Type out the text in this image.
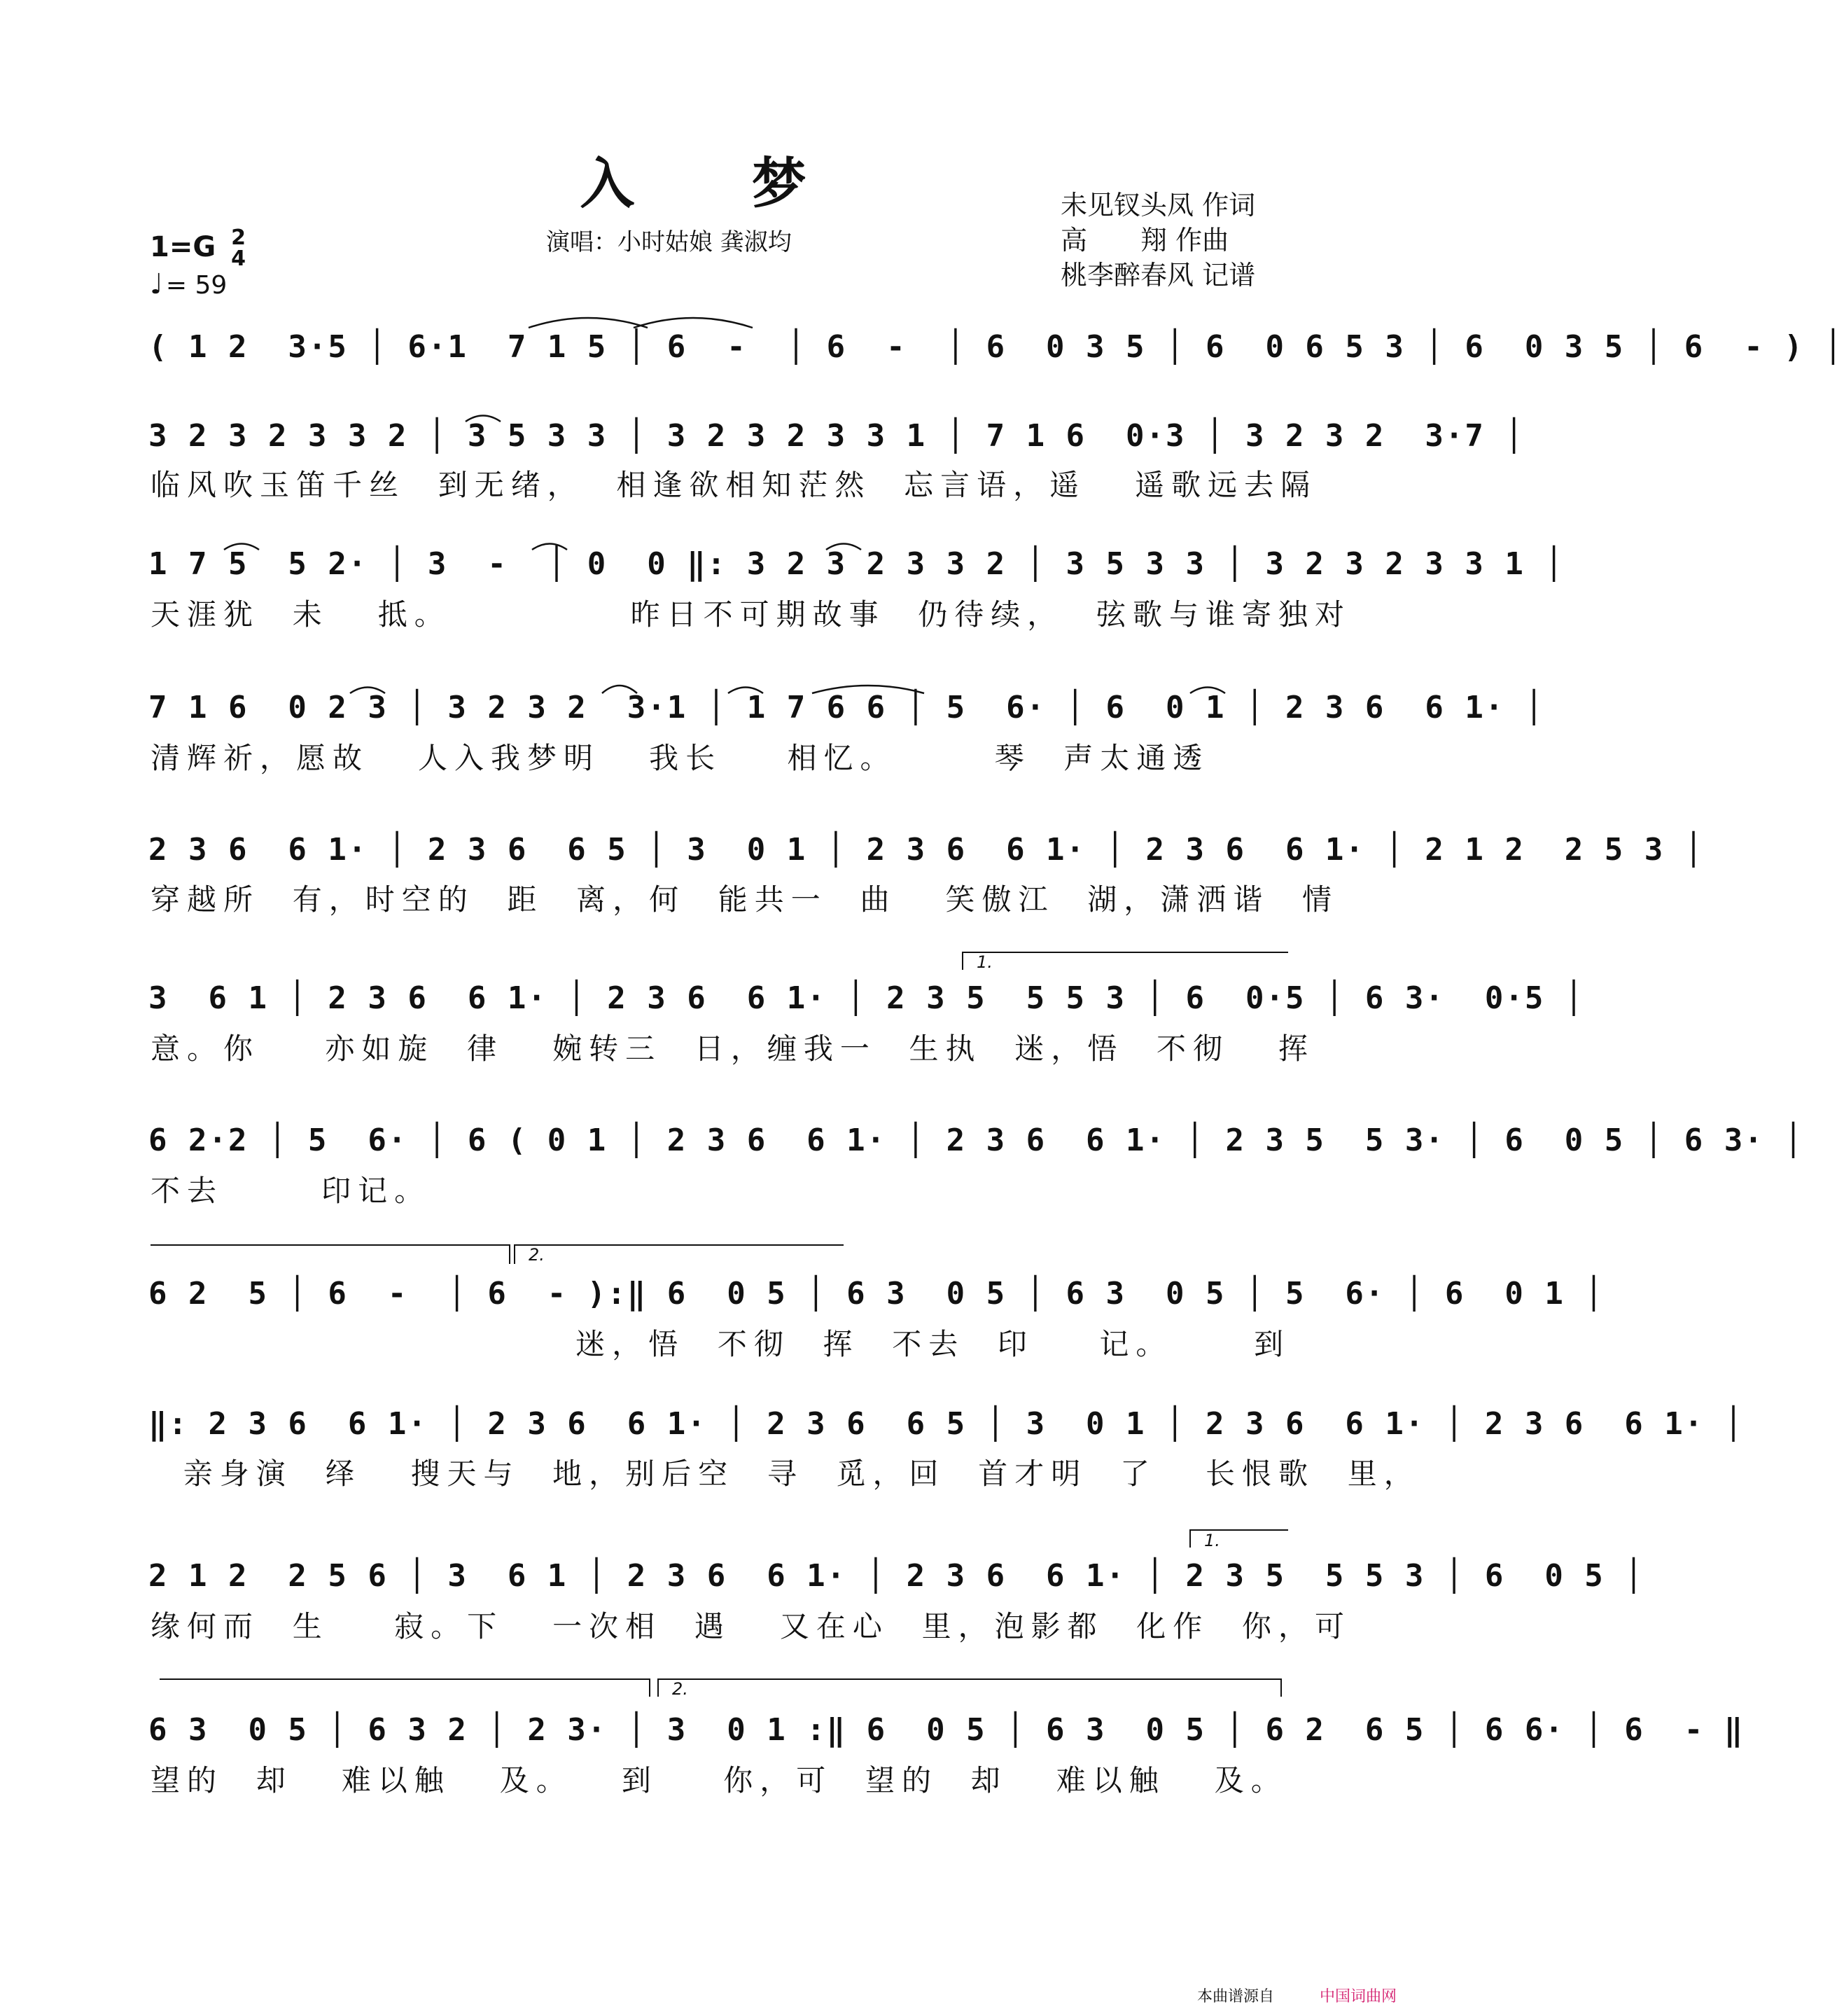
入 梦
演唱：小时姑娘 龚淑均
未见钗头凤 作词
高　　翔 作曲
桃李醉春风 记谱
1=G 2
4
♩ = 59
( 1 2  3·5 │ 6·1  7 1 5 │ 6  -  │ 6  -  │ 6  0 3 5 │ 6  0 6 5 3 │ 6  0 3 5 │ 6  - ) │
3 2 3 2 3 3 2 │ 3 5 3 3 │ 3 2 3 2 3 3 1 │ 7 1 6  0·3 │ 3 2 3 2  3·7 │
临风吹玉笛千丝  到无绪，  相逢欲相知茫然  忘言语，遥   遥歌远去隔
1 7 5  5 2· │ 3  -  │ 0  0 ‖: 3 2 3 2 3 3 2 │ 3 5 3 3 │ 3 2 3 2 3 3 1 │
天涯犹  未   抵。           昨日不可期故事  仍待续，  弦歌与谁寄独对
7 1 6  0 2 3 │ 3 2 3 2  3·1 │ 1 7 6 6 │ 5  6· │ 6  0 1 │ 2 3 6  6 1· │
清辉祈，愿故   人入我梦明   我长    相忆。      琴  声太通透
2 3 6  6 1· │ 2 3 6  6 5 │ 3  0 1 │ 2 3 6  6 1· │ 2 3 6  6 1· │ 2 1 2  2 5 3 │
穿越所  有，时空的  距  离，何  能共一  曲   笑傲江  湖，潇洒谐  情
3  6 1 │ 2 3 6  6 1· │ 2 3 6  6 1· │ 2 3 5  5 5 3 │ 6  0·5 │ 6 3·  0·5 │
意。你    亦如旋  律   婉转三  日，缠我一  生执  迷，悟  不彻   挥
6 2·2 │ 5  6· │ 6 ( 0 1 │ 2 3 6  6 1· │ 2 3 6  6 1· │ 2 3 5  5 3· │ 6  0 5 │ 6 3· │
不去      印记。
6 2  5 │ 6  -  │ 6  - ):‖ 6  0 5 │ 6 3  0 5 │ 6 3  0 5 │ 5  6· │ 6  0 1 │
迷，悟  不彻  挥  不去  印    记。     到
‖: 2 3 6  6 1· │ 2 3 6  6 1· │ 2 3 6  6 5 │ 3  0 1 │ 2 3 6  6 1· │ 2 3 6  6 1· │
亲身演  绎   搜天与  地，别后空  寻  觅，回  首才明  了   长恨歌  里，
2 1 2  2 5 6 │ 3  6 1 │ 2 3 6  6 1· │ 2 3 6  6 1· │ 2 3 5  5 5 3 │ 6  0 5 │
缘何而  生    寂。下   一次相  遇   又在心  里，泡影都  化作  你，可
6 3  0 5 │ 6 3 2 │ 2 3· │ 3  0 1 :‖ 6  0 5 │ 6 3  0 5 │ 6 2  6 5 │ 6 6· │ 6  - ‖
望的  却   难以触   及。   到    你，可  望的  却   难以触   及。
1.
2.
1.
2.
本曲谱源自	中国词曲网
